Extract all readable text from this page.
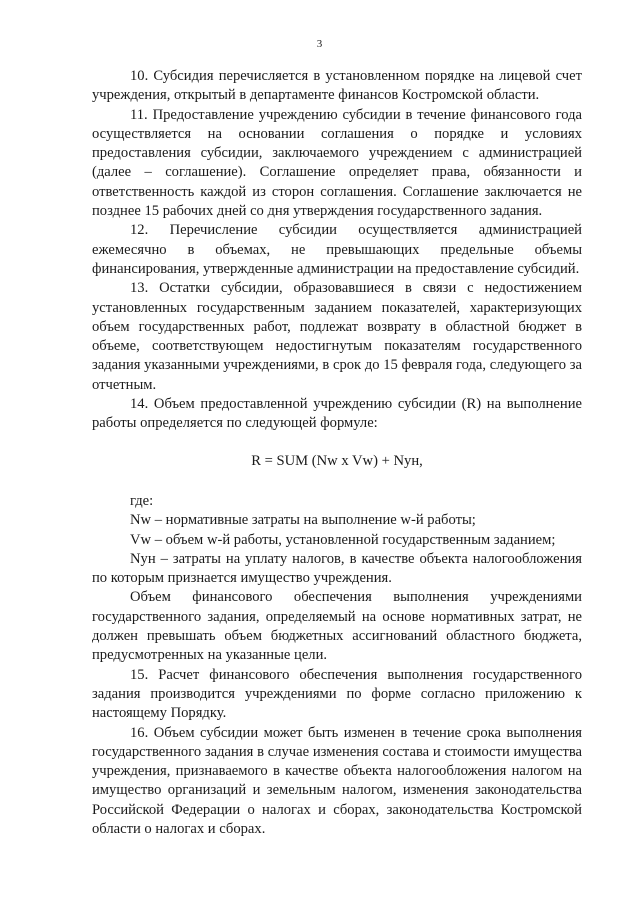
3

10. Субсидия перечисляется в установленном порядке на лицевой счет учреждения, открытый в департаменте финансов Костромской области.

11. Предоставление учреждению субсидии в течение финансового года осуществляется на основании соглашения о порядке и условиях предоставления субсидии, заключаемого учреждением с администрацией (далее – соглашение). Соглашение определяет права, обязанности и ответственность каждой из сторон соглашения. Соглашение заключается не позднее 15 рабочих дней со дня утверждения государственного задания.

12. Перечисление субсидии осуществляется администрацией ежемесячно в объемах, не превышающих предельные объемы финансирования, утвержденные администрации на предоставление субсидий.

13. Остатки субсидии, образовавшиеся в связи с недостижением установленных государственным заданием показателей, характеризующих объем государственных работ, подлежат возврату в областной бюджет в объеме, соответствующем недостигнутым показателям государственного задания указанными учреждениями, в срок до 15 февраля года, следующего за отчетным.

14. Объем предоставленной учреждению субсидии (R) на выполнение работы определяется по следующей формуле:

R = SUM (Nw x Vw) + Nун,

где:

Nw – нормативные затраты на выполнение w-й работы;

Vw – объем w-й работы, установленной государственным заданием;

Nун – затраты на уплату налогов, в качестве объекта налогообложения по которым признается имущество учреждения.

Объем финансового обеспечения выполнения учреждениями государственного задания, определяемый на основе нормативных затрат, не должен превышать объем бюджетных ассигнований областного бюджета, предусмотренных на указанные цели.

15. Расчет финансового обеспечения выполнения государственного задания производится учреждениями по форме согласно приложению к настоящему Порядку.

16. Объем субсидии может быть изменен в течение срока выполнения государственного задания в случае изменения состава и стоимости имущества учреждения, признаваемого в качестве объекта налогообложения налогом на имущество организаций и земельным налогом, изменения законодательства Российской Федерации о налогах и сборах, законодательства Костромской области о налогах и сборах.
